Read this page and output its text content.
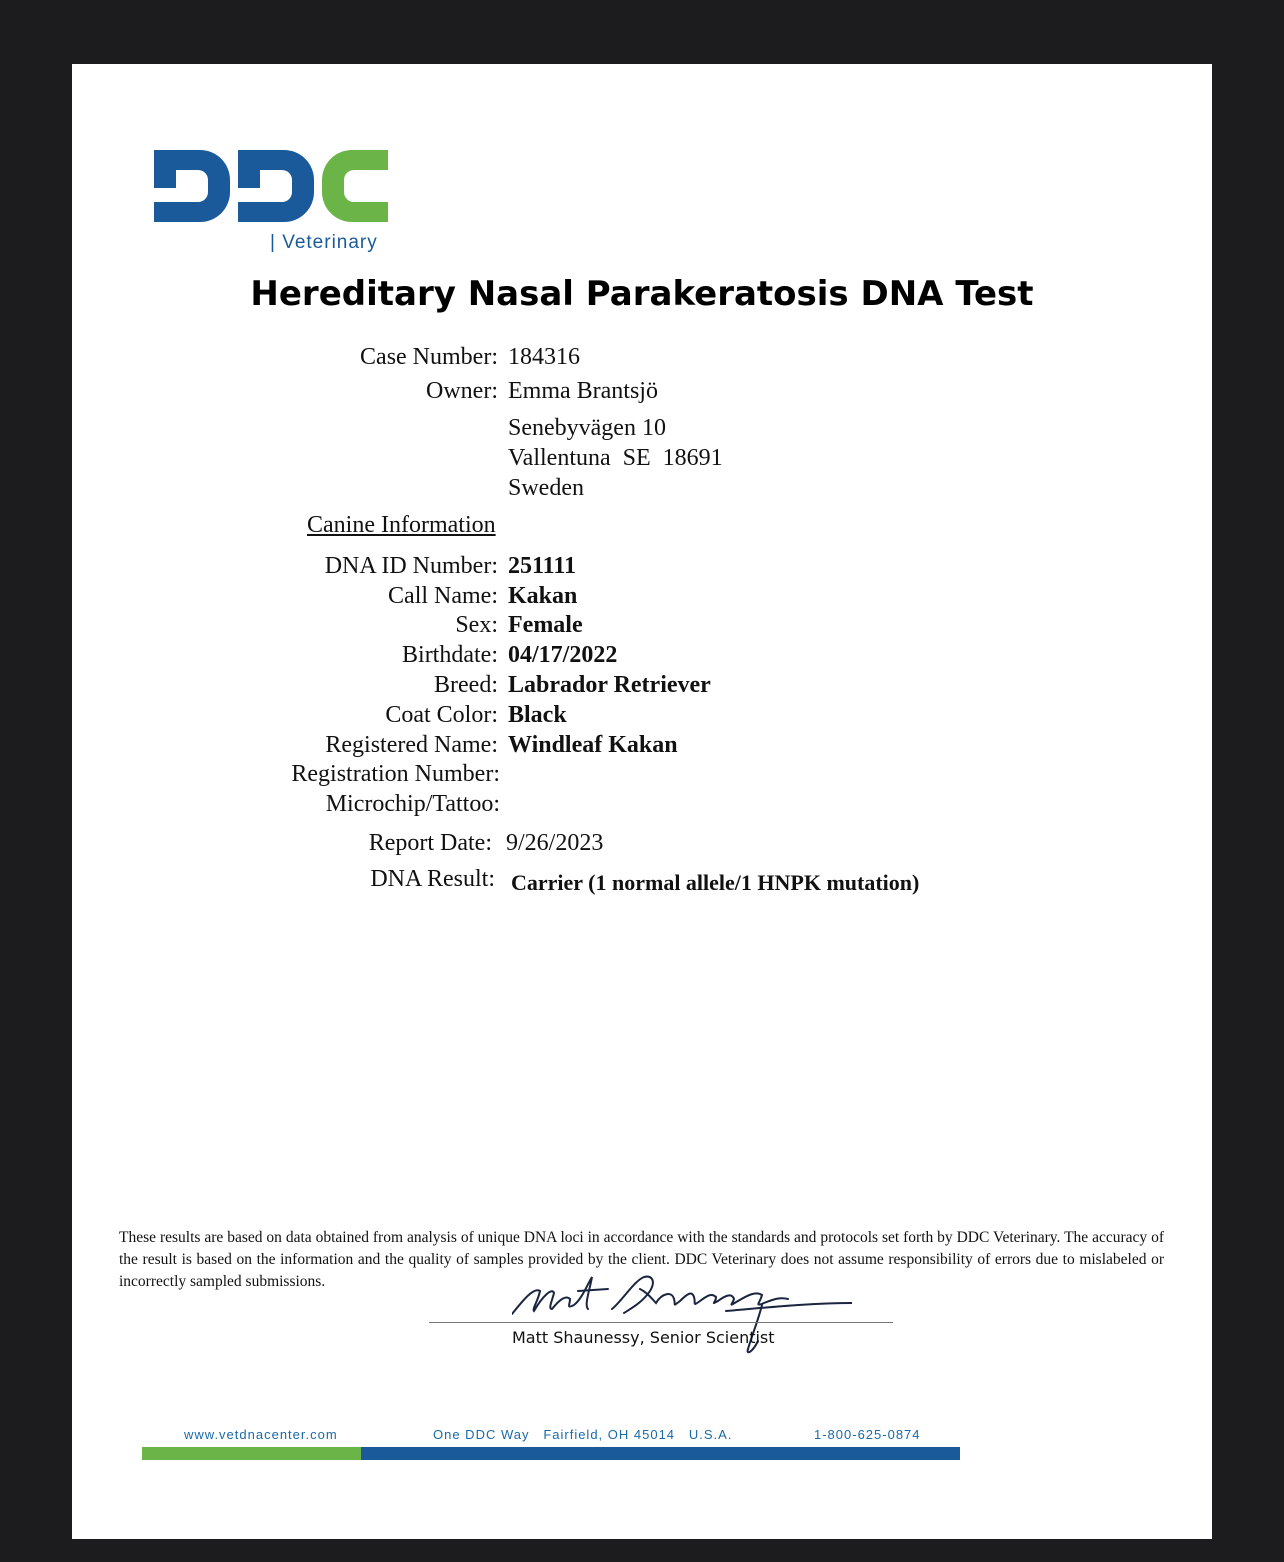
| Veterinary
Hereditary Nasal Parakeratosis DNA Test
Case Number: 184316
Owner: Emma Brantsjö
Senebyvägen 10
Vallentuna  SE  18691
Sweden
Canine Information
DNA ID Number: 251111
Call Name: Kakan
Sex: Female
Birthdate: 04/17/2022
Breed: Labrador Retriever
Coat Color: Black
Registered Name: Windleaf Kakan
Registration Number:
Microchip/Tattoo:
Report Date: 9/26/2023
DNA Result: Carrier (1 normal allele/1 HNPK mutation)
These results are based on data obtained from analysis of unique DNA loci in accordance with the standards and protocols set forth by DDC Veterinary. The accuracy of the result is based on the information and the quality of samples provided by the client. DDC Veterinary does not assume responsibility of errors due to mislabeled or incorrectly sampled submissions.
Matt Shaunessy, Senior Scientist
www.vetdnacenter.com	One DDC Way   Fairfield, OH 45014   U.S.A.	1-800-625-0874
